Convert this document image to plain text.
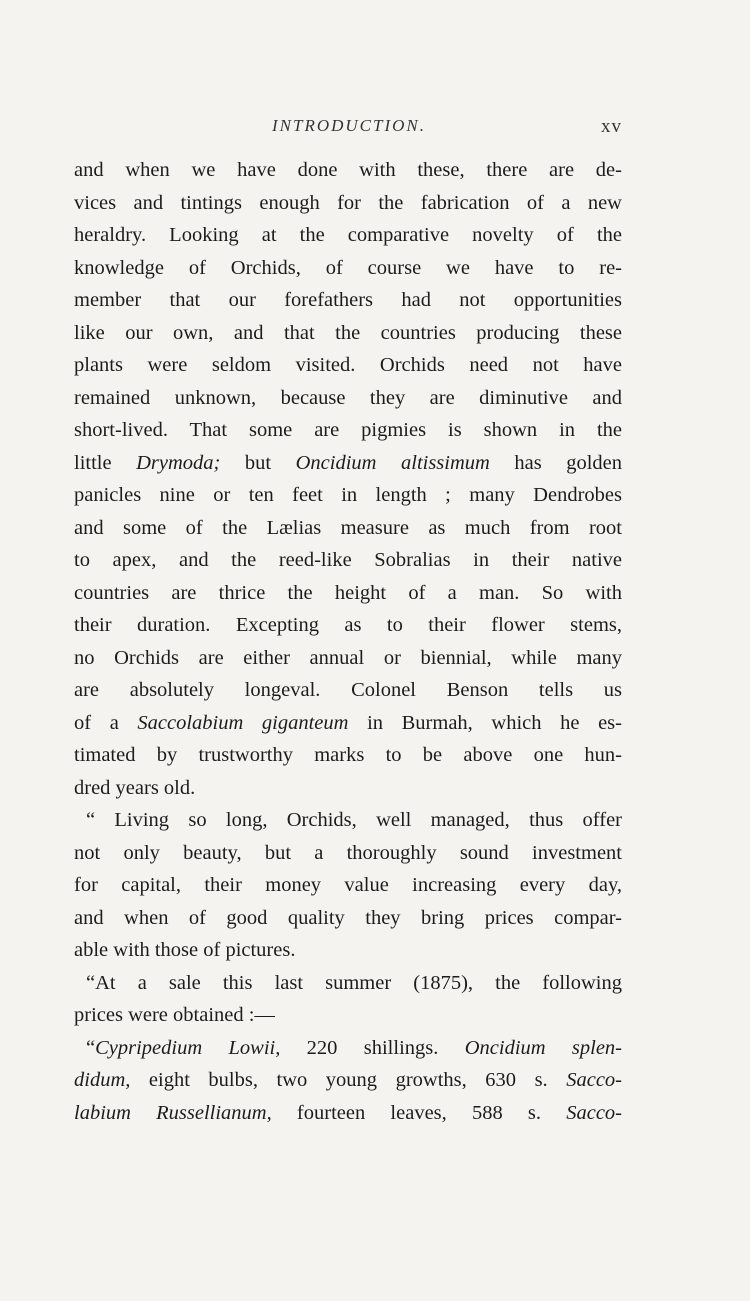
INTRODUCTION.	xv
and when we have done with these, there are de-
vices and tintings enough for the fabrication of a new
heraldry. Looking at the comparative novelty of the
knowledge of Orchids, of course we have to re-
member that our forefathers had not opportunities
like our own, and that the countries producing these
plants were seldom visited. Orchids need not have
remained unknown, because they are diminutive and
short-lived. That some are pigmies is shown in the
little Drymoda; but Oncidium altissimum has golden
panicles nine or ten feet in length ; many Dendrobes
and some of the Lælias measure as much from root
to apex, and the reed-like Sobralias in their native
countries are thrice the height of a man. So with
their duration. Excepting as to their flower stems,
no Orchids are either annual or biennial, while many
are absolutely longeval. Colonel Benson tells us
of a Saccolabium giganteum in Burmah, which he es-
timated by trustworthy marks to be above one hun-
dred years old.
“ Living so long, Orchids, well managed, thus offer
not only beauty, but a thoroughly sound investment
for capital, their money value increasing every day,
and when of good quality they bring prices compar-
able with those of pictures.
“At a sale this last summer (1875), the following
prices were obtained :—
“Cypripedium Lowii, 220 shillings. Oncidium splen-
didum, eight bulbs, two young growths, 630 s. Sacco-
labium Russellianum, fourteen leaves, 588 s. Sacco-
